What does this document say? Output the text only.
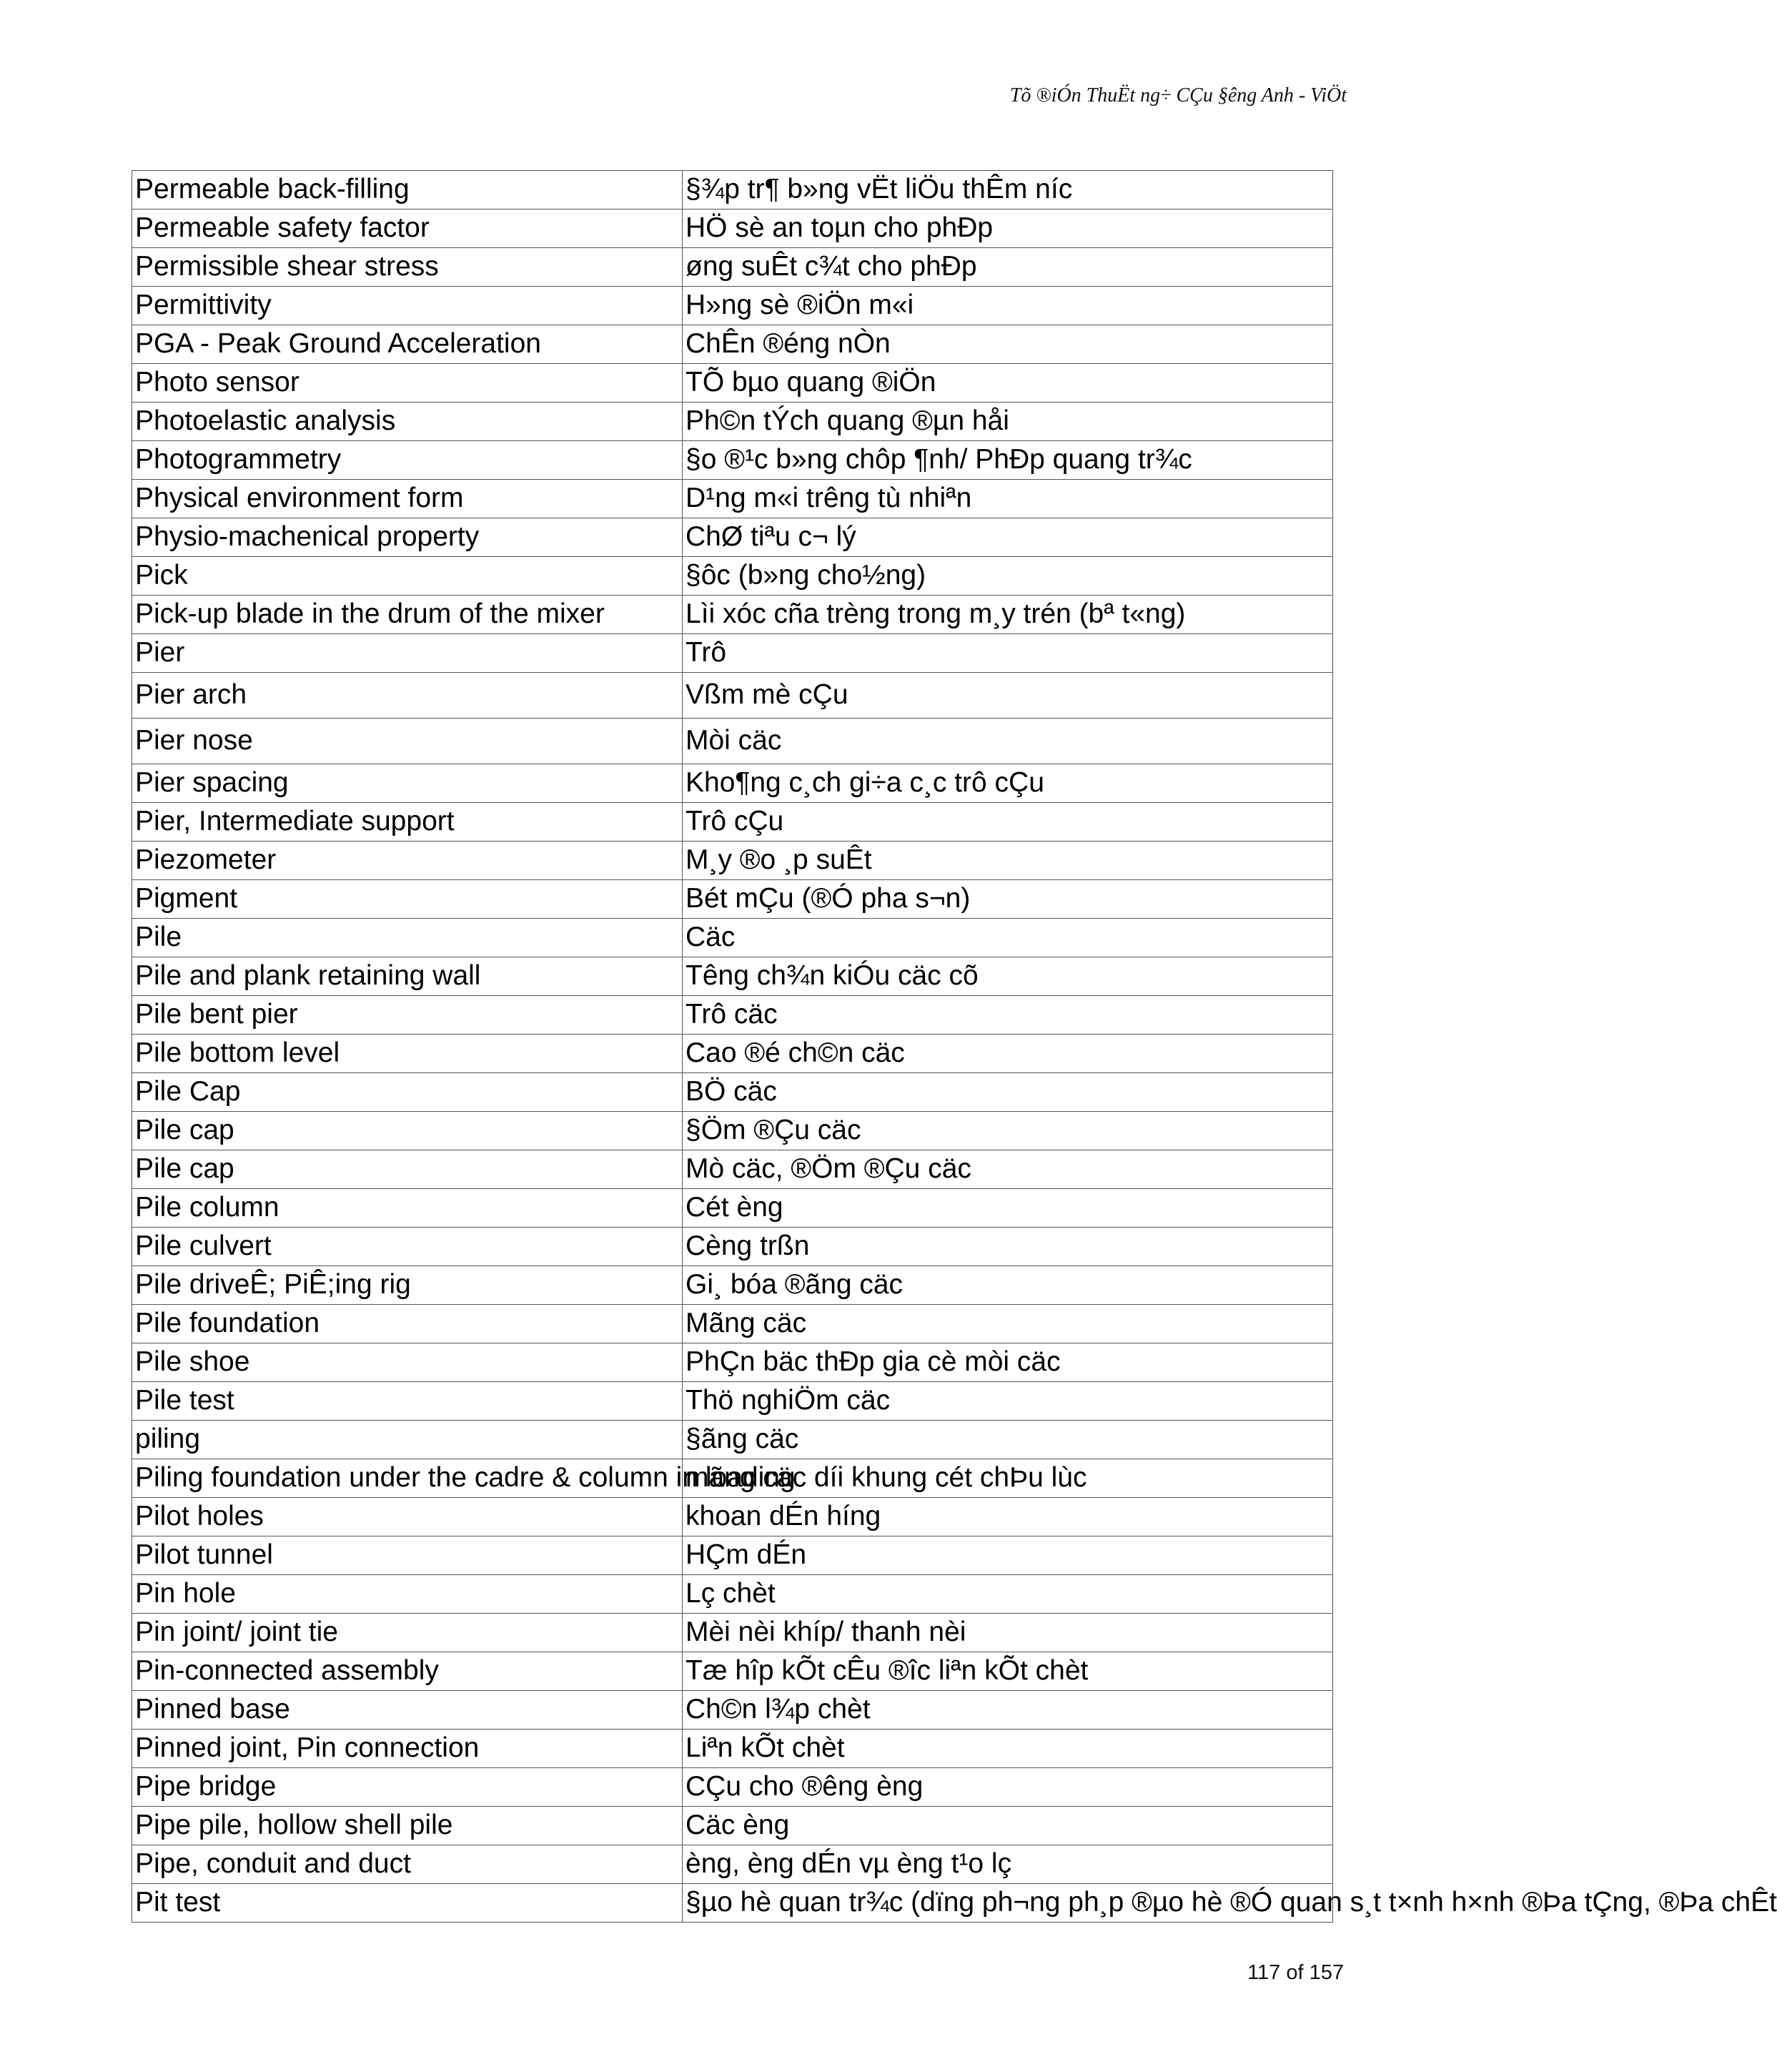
Tõ ®iÓn ThuËt ng÷ CÇu §êng Anh - ViÖt
Permeable back-filling	§¾p tr¶ b»ng vËt liÖu thÊm níc
Permeable safety factor	HÖ sè an toµn cho phÐp
Permissible shear stress	øng suÊt c¾t cho phÐp
Permittivity	H»ng sè ®iÖn m«i
PGA - Peak Ground Acceleration	ChÊn ®éng nÒn
Photo sensor	TÕ bµo quang ®iÖn
Photoelastic analysis	Ph©n tÝch quang ®µn håi
Photogrammetry	§o ®¹c b»ng chôp ¶nh/ PhÐp quang tr¾c
Physical environment form	D¹ng m«i trêng tù nhiªn
Physio-machenical property	ChØ tiªu c¬ lý
Pick	§ôc (b»ng cho½ng)
Pick-up blade in the drum of the mixer	Lìi xóc cña trèng trong m¸y trén (bª t«ng)
Pier	Trô
Pier arch	Vßm mè cÇu
Pier nose	Mòi cäc
Pier spacing	Kho¶ng c¸ch gi÷a c¸c trô cÇu
Pier, Intermediate support	Trô cÇu
Piezometer	M¸y ®o ¸p suÊt
Pigment	Bét mÇu (®Ó pha s¬n)
Pile	Cäc
Pile and plank retaining wall	Têng ch¾n kiÓu cäc cõ
Pile bent pier	Trô cäc
Pile bottom level	Cao ®é ch©n cäc
Pile Cap	BÖ cäc
Pile cap	§Öm ®Çu cäc
Pile cap	Mò cäc, ®Öm ®Çu cäc
Pile column	Cét èng
Pile culvert	Cèng trßn
Pile driveÊ; PiÊ;ing rig	Gi¸ bóa ®ãng cäc
Pile foundation	Mãng cäc
Pile shoe	PhÇn bäc thÐp gia cè mòi cäc
Pile test	Thö nghiÖm cäc
piling	§ãng cäc
Piling foundation under the cadre & column in loading	mãng cäc díi khung cét chÞu lùc
Pilot holes	khoan dÉn híng
Pilot tunnel	HÇm dÉn
Pin hole	Lç chèt
Pin joint/ joint tie	Mèi nèi khíp/ thanh nèi
Pin-connected assembly	Tæ hîp kÕt cÊu ®îc liªn kÕt chèt
Pinned base	Ch©n l¾p chèt
Pinned joint, Pin connection	Liªn kÕt chèt
Pipe bridge	CÇu cho ®êng èng
Pipe pile, hollow shell pile	Cäc èng
Pipe, conduit and duct	èng, èng dÉn vµ èng t¹o lç
Pit test	§µo hè quan tr¾c (dïng ph¬ng ph¸p ®µo hè ®Ó quan s¸t t×nh h×nh ®Þa tÇng, ®Þa chÊt
117 of 157
